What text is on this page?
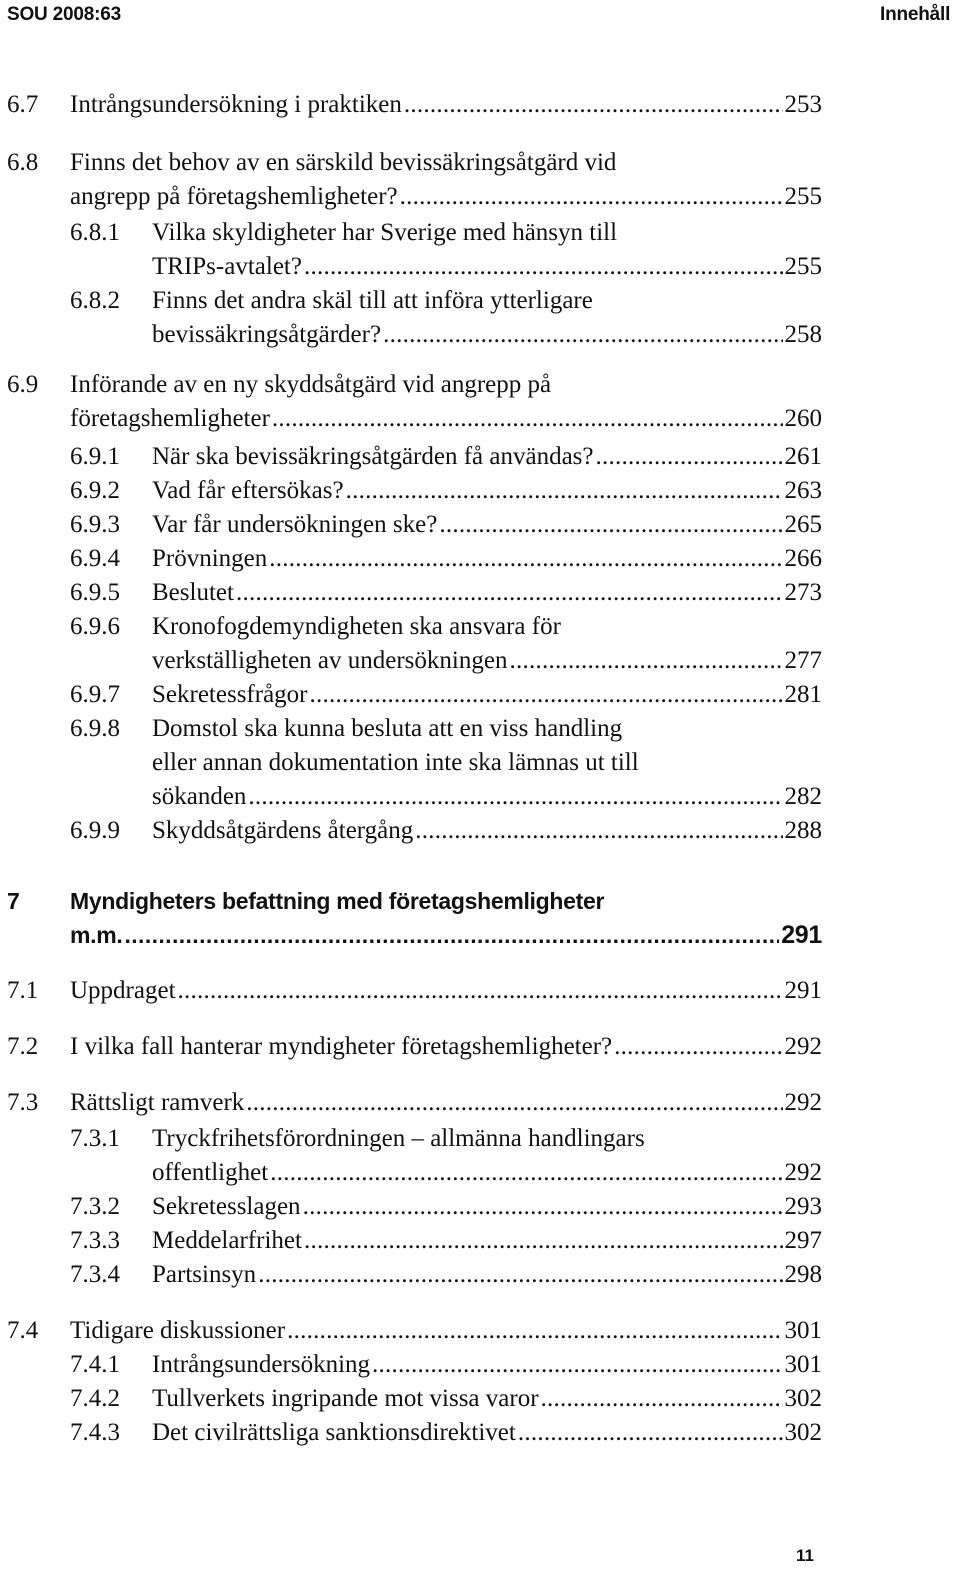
SOU 2008:63	Innehåll
6.7 Intrångsundersökning i praktiken . . .	253
6.8 Finns det behov av en särskild bevissäkringsåtgärd vid
angrepp på företagshemligheter? . . .	255
6.8.1 Vilka skyldigheter har Sverige med hänsyn till
TRIPs-avtalet? . . .	255
6.8.2 Finns det andra skäl till att införa ytterligare
bevissäkringsåtgärder? . . .	258
6.9 Införande av en ny skyddsåtgärd vid angrepp på
företagshemligheter . . .	260
6.9.1 När ska bevissäkringsåtgärden få användas? . . .	261
6.9.2 Vad får eftersökas? . . .	263
6.9.3 Var får undersökningen ske? . . .	265
6.9.4 Prövningen . . .	266
6.9.5 Beslutet . . .	273
6.9.6 Kronofogdemyndigheten ska ansvara för
verkställigheten av undersökningen . . .	277
6.9.7 Sekretessfrågor . . .	281
6.9.8 Domstol ska kunna besluta att en viss handling
eller annan dokumentation inte ska lämnas ut till
sökanden . . .	282
6.9.9 Skyddsåtgärdens återgång . . .	288
7 Myndigheters befattning med företagshemligheter
m.m. . . .	291
7.1 Uppdraget . . .	291
7.2 I vilka fall hanterar myndigheter företagshemligheter? . . .	292
7.3 Rättsligt ramverk . . .	292
7.3.1 Tryckfrihetsförordningen – allmänna handlingars
offentlighet . . .	292
7.3.2 Sekretesslagen . . .	293
7.3.3 Meddelarfrihet . . .	297
7.3.4 Partsinsyn . . .	298
7.4 Tidigare diskussioner . . .	301
7.4.1 Intrångsundersökning . . .	301
7.4.2 Tullverkets ingripande mot vissa varor . . .	302
7.4.3 Det civilrättsliga sanktionsdirektivet . . .	302
11
